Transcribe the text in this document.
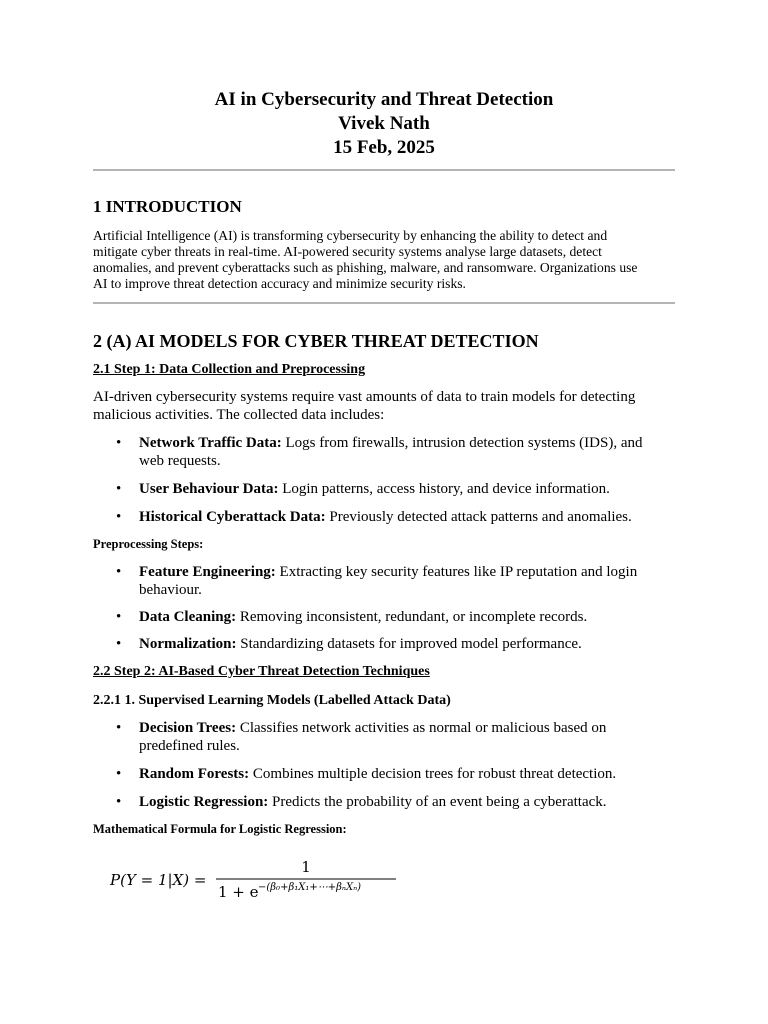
AI in Cybersecurity and Threat Detection
Vivek Nath
15 Feb, 2025
1 INTRODUCTION
Artificial Intelligence (AI) is transforming cybersecurity by enhancing the ability to detect and
mitigate cyber threats in real-time. AI-powered security systems analyse large datasets, detect
anomalies, and prevent cyberattacks such as phishing, malware, and ransomware. Organizations use
AI to improve threat detection accuracy and minimize security risks.
2 (A) AI MODELS FOR CYBER THREAT DETECTION
2.1 Step 1: Data Collection and Preprocessing
AI-driven cybersecurity systems require vast amounts of data to train models for detecting
malicious activities. The collected data includes:
•	Network Traffic Data: Logs from firewalls, intrusion detection systems (IDS), and
web requests.
•	User Behaviour Data: Login patterns, access history, and device information.
•	Historical Cyberattack Data: Previously detected attack patterns and anomalies.
Preprocessing Steps:
•	Feature Engineering: Extracting key security features like IP reputation and login
behaviour.
•	Data Cleaning: Removing inconsistent, redundant, or incomplete records.
•	Normalization: Standardizing datasets for improved model performance.
2.2 Step 2: AI-Based Cyber Threat Detection Techniques
2.2.1 1. Supervised Learning Models (Labelled Attack Data)
•	Decision Trees: Classifies network activities as normal or malicious based on
predefined rules.
•	Random Forests: Combines multiple decision trees for robust threat detection.
•	Logistic Regression: Predicts the probability of an event being a cyberattack.
Mathematical Formula for Logistic Regression:
P(Y = 1|X) =
1
1 + e −(β₀+β₁X₁+⋯+βₙXₙ)
